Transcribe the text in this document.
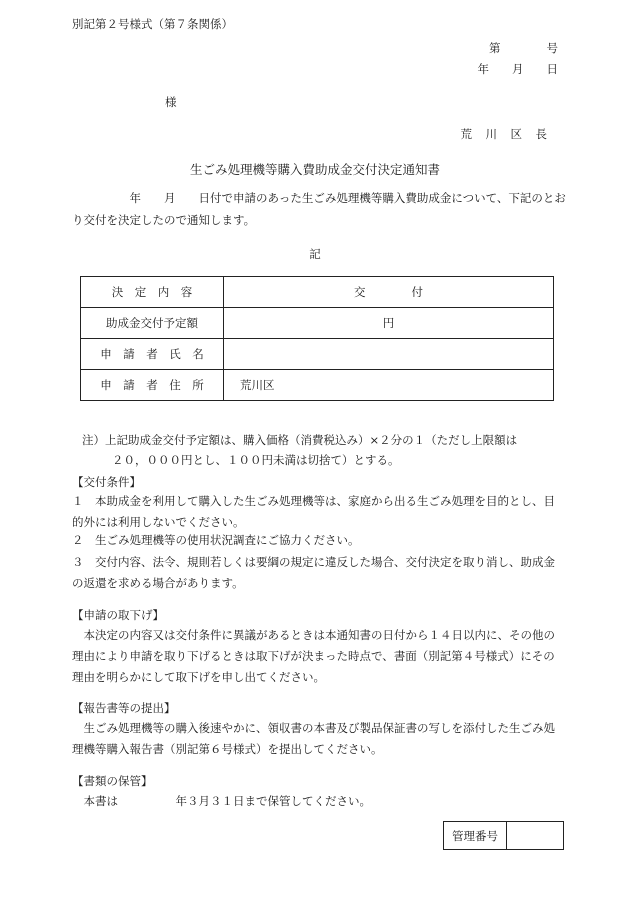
別記第２号様式（第７条関係）
第　　　　号
年　　月　　日
様
荒　川　区　長
生ごみ処理機等購入費助成金交付決定通知書
　　　　　年　　月　　日付で申請のあった生ごみ処理機等購入費助成金について、下記のとおり交付を決定したので通知します。
記
決　定　内　容	交　　　　付
助成金交付予定額	円
申　請　者　氏　名	
申　請　者　住　所	荒川区
注）上記助成金交付予定額は、購入価格（消費税込み）×２分の１（ただし上限額は
２０，０００円とし、１００円未満は切捨て）とする。
【交付条件】
１　本助成金を利用して購入した生ごみ処理機等は、家庭から出る生ごみ処理を目的とし、目的外には利用しないでください。
２　生ごみ処理機等の使用状況調査にご協力ください。
３　交付内容、法令、規則若しくは要綱の規定に違反した場合、交付決定を取り消し、助成金の返還を求める場合があります。
【申請の取下げ】
　本決定の内容又は交付条件に異議があるときは本通知書の日付から１４日以内に、その他の理由により申請を取り下げるときは取下げが決まった時点で、書面（別記第４号様式）にその理由を明らかにして取下げを申し出てください。
【報告書等の提出】
　生ごみ処理機等の購入後速やかに、領収書の本書及び製品保証書の写しを添付した生ごみ処理機等購入報告書（別記第６号様式）を提出してください。
【書類の保管】
　本書は　　　　　年３月３１日まで保管してください。
管理番号	
